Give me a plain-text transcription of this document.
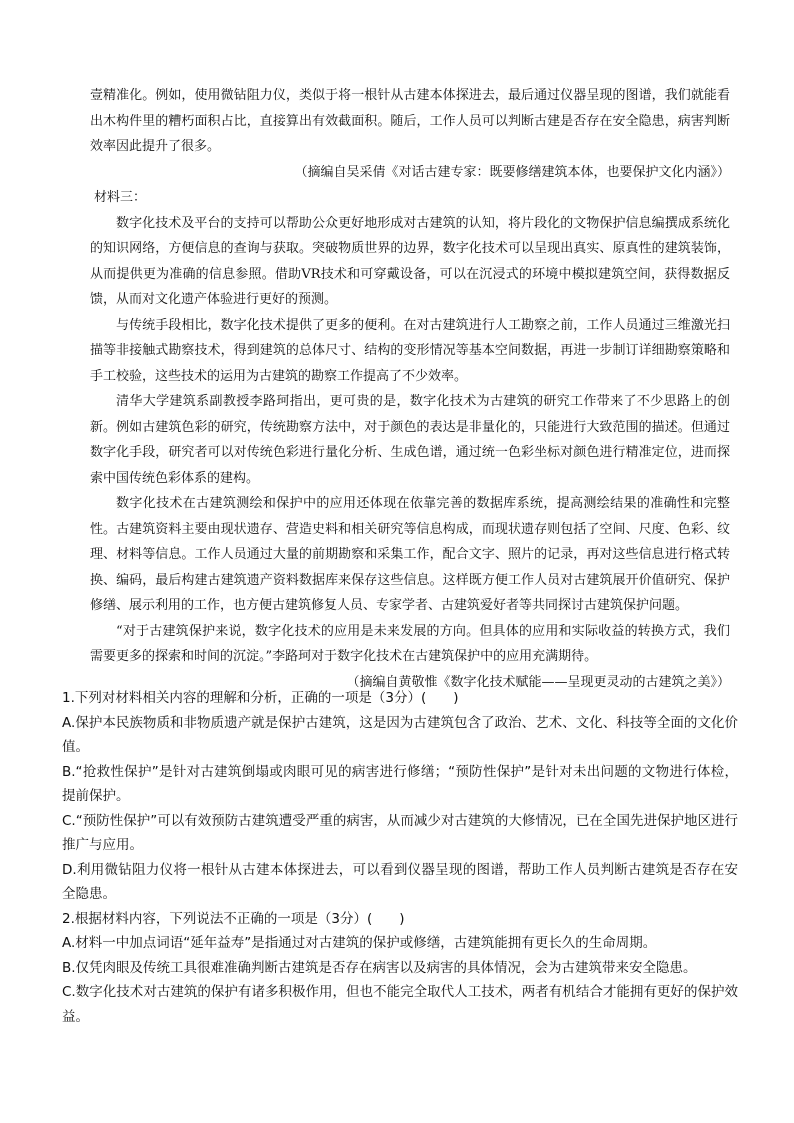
壹精准化。例如，使用微钻阻力仪，类似于将一根针从古建本体探进去，最后通过仪器呈现的图谱，我们就能看出木构件里的糟朽面积占比，直接算出有效截面积。随后，工作人员可以判断古建是否存在安全隐患，病害判断效率因此提升了很多。

（摘编自吴采倩《对话古建专家：既要修缮建筑本体，也要保护文化内涵》）

材料三：

数字化技术及平台的支持可以帮助公众更好地形成对古建筑的认知，将片段化的文物保护信息编撰成系统化的知识网络，方便信息的查询与获取。突破物质世界的边界，数字化技术可以呈现出真实、原真性的建筑装饰，从而提供更为准确的信息参照。借助VR技术和可穿戴设备，可以在沉浸式的环境中模拟建筑空间，获得数据反馈，从而对文化遗产体验进行更好的预测。

与传统手段相比，数字化技术提供了更多的便利。在对古建筑进行人工勘察之前，工作人员通过三维激光扫描等非接触式勘察技术，得到建筑的总体尺寸、结构的变形情况等基本空间数据，再进一步制订详细勘察策略和手工校验，这些技术的运用为古建筑的勘察工作提高了不少效率。

清华大学建筑系副教授李路珂指出，更可贵的是，数字化技术为古建筑的研究工作带来了不少思路上的创新。例如古建筑色彩的研究，传统勘察方法中，对于颜色的表达是非量化的，只能进行大致范围的描述。但通过数字化手段，研究者可以对传统色彩进行量化分析、生成色谱，通过统一色彩坐标对颜色进行精准定位，进而探索中国传统色彩体系的建构。

数字化技术在古建筑测绘和保护中的应用还体现在依靠完善的数据库系统，提高测绘结果的准确性和完整性。古建筑资料主要由现状遗存、营造史料和相关研究等信息构成，而现状遗存则包括了空间、尺度、色彩、纹理、材料等信息。工作人员通过大量的前期勘察和采集工作，配合文字、照片的记录，再对这些信息进行格式转换、编码，最后构建古建筑遗产资料数据库来保存这些信息。这样既方便工作人员对古建筑展开价值研究、保护修缮、展示利用的工作，也方便古建筑修复人员、专家学者、古建筑爱好者等共同探讨古建筑保护问题。

“对于古建筑保护来说，数字化技术的应用是未来发展的方向。但具体的应用和实际收益的转换方式，我们需要更多的探索和时间的沉淀。”李路珂对于数字化技术在古建筑保护中的应用充满期待。

（摘编自黄敬惟《数字化技术赋能——呈现更灵动的古建筑之美》）

1.下列对材料相关内容的理解和分析，正确的一项是（3分）(　　)

A.保护本民族物质和非物质遗产就是保护古建筑，这是因为古建筑包含了政治、艺术、文化、科技等全面的文化价值。

B.“抢救性保护”是针对古建筑倒塌或肉眼可见的病害进行修缮；“预防性保护”是针对未出问题的文物进行体检，提前保护。

C.“预防性保护”可以有效预防古建筑遭受严重的病害，从而减少对古建筑的大修情况，已在全国先进保护地区进行推广与应用。

D.利用微钻阻力仪将一根针从古建本体探进去，可以看到仪器呈现的图谱，帮助工作人员判断古建筑是否存在安全隐患。

2.根据材料内容，下列说法不正确的一项是（3分）(　　)

A.材料一中加点词语“延年益寿”是指通过对古建筑的保护或修缮，古建筑能拥有更长久的生命周期。

B.仅凭肉眼及传统工具很难准确判断古建筑是否存在病害以及病害的具体情况，会为古建筑带来安全隐患。

C.数字化技术对古建筑的保护有诸多积极作用，但也不能完全取代人工技术，两者有机结合才能拥有更好的保护效益。
